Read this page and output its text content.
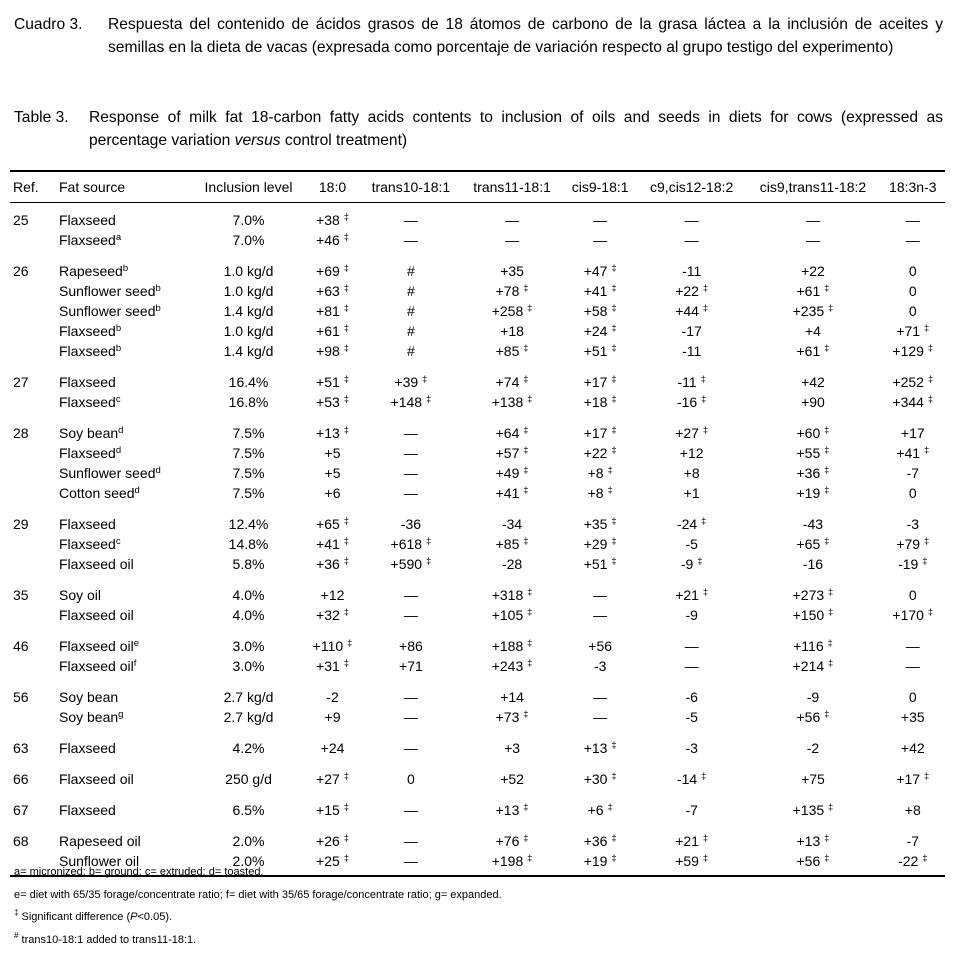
Cuadro 3.	Respuesta del contenido de ácidos grasos de 18 átomos de carbono de la grasa láctea a la inclusión de aceites y semillas en la dieta de vacas (expresada como porcentaje de variación respecto al grupo testigo del experimento)
Table 3.	Response of milk fat 18-carbon fatty acids contents to inclusion of oils and seeds in diets for cows (expressed as percentage variation versus control treatment)
Ref.	Fat source	Inclusion level	18:0	trans10-18:1	trans11-18:1	cis9-18:1	c9,cis12-18:2	cis9,trans11-18:2	18:3n-3
25	Flaxseed	7.0%	+38 ‡	—	—	—	—	—	—
	Flaxseed$^a$	7.0%	+46 ‡	—	—	—	—	—	—
26	Rapeseed$^b$	1.0 kg/d	+69 ‡	#	+35	+47 ‡	-11	+22	0
	Sunflower seed$^b$	1.0 kg/d	+63 ‡	#	+78 ‡	+41 ‡	+22 ‡	+61 ‡	0
	Sunflower seed$^b$	1.4 kg/d	+81 ‡	#	+258 ‡	+58 ‡	+44 ‡	+235 ‡	0
	Flaxseed$^b$	1.0 kg/d	+61 ‡	#	+18	+24 ‡	-17	+4	+71 ‡
	Flaxseed$^b$	1.4 kg/d	+98 ‡	#	+85 ‡	+51 ‡	-11	+61 ‡	+129 ‡
27	Flaxseed	16.4%	+51 ‡	+39 ‡	+74 ‡	+17 ‡	-11 ‡	+42	+252 ‡
	Flaxseed$^c$	16.8%	+53 ‡	+148 ‡	+138 ‡	+18 ‡	-16 ‡	+90	+344 ‡
28	Soy bean$^d$	7.5%	+13 ‡	—	+64 ‡	+17 ‡	+27 ‡	+60 ‡	+17
	Flaxseed$^d$	7.5%	+5	—	+57 ‡	+22 ‡	+12	+55 ‡	+41 ‡
	Sunflower seed$^d$	7.5%	+5	—	+49 ‡	+8 ‡	+8	+36 ‡	-7
	Cotton seed$^d$	7.5%	+6	—	+41 ‡	+8 ‡	+1	+19 ‡	0
29	Flaxseed	12.4%	+65 ‡	-36	-34	+35 ‡	-24 ‡	-43	-3
	Flaxseed$^c$	14.8%	+41 ‡	+618 ‡	+85 ‡	+29 ‡	-5	+65 ‡	+79 ‡
	Flaxseed oil	5.8%	+36 ‡	+590 ‡	-28	+51 ‡	-9 ‡	-16	-19 ‡
35	Soy oil	4.0%	+12	—	+318 ‡	—	+21 ‡	+273 ‡	0
	Flaxseed oil	4.0%	+32 ‡	—	+105 ‡	—	-9	+150 ‡	+170 ‡
46	Flaxseed oil$^e$	3.0%	+110 ‡	+86	+188 ‡	+56	—	+116 ‡	—
	Flaxseed oil$^f$	3.0%	+31 ‡	+71	+243 ‡	-3	—	+214 ‡	—
56	Soy bean	2.7 kg/d	-2	—	+14	—	-6	-9	0
	Soy bean$^g$	2.7 kg/d	+9	—	+73 ‡	—	-5	+56 ‡	+35
63	Flaxseed	4.2%	+24	—	+3	+13 ‡	-3	-2	+42
66	Flaxseed oil	250 g/d	+27 ‡	0	+52	+30 ‡	-14 ‡	+75	+17 ‡
67	Flaxseed	6.5%	+15 ‡	—	+13 ‡	+6 ‡	-7	+135 ‡	+8
68	Rapeseed oil	2.0%	+26 ‡	—	+76 ‡	+36 ‡	+21 ‡	+13 ‡	-7
	Sunflower oil	2.0%	+25 ‡	—	+198 ‡	+19 ‡	+59 ‡	+56 ‡	-22 ‡
a= micronized; b= ground; c= extruded; d= toasted.
e= diet with 65/35 forage/concentrate ratio; f= diet with 35/65 forage/concentrate ratio; g= expanded.
‡ Significant difference (P<0.05).
# trans10-18:1 added to trans11-18:1.
